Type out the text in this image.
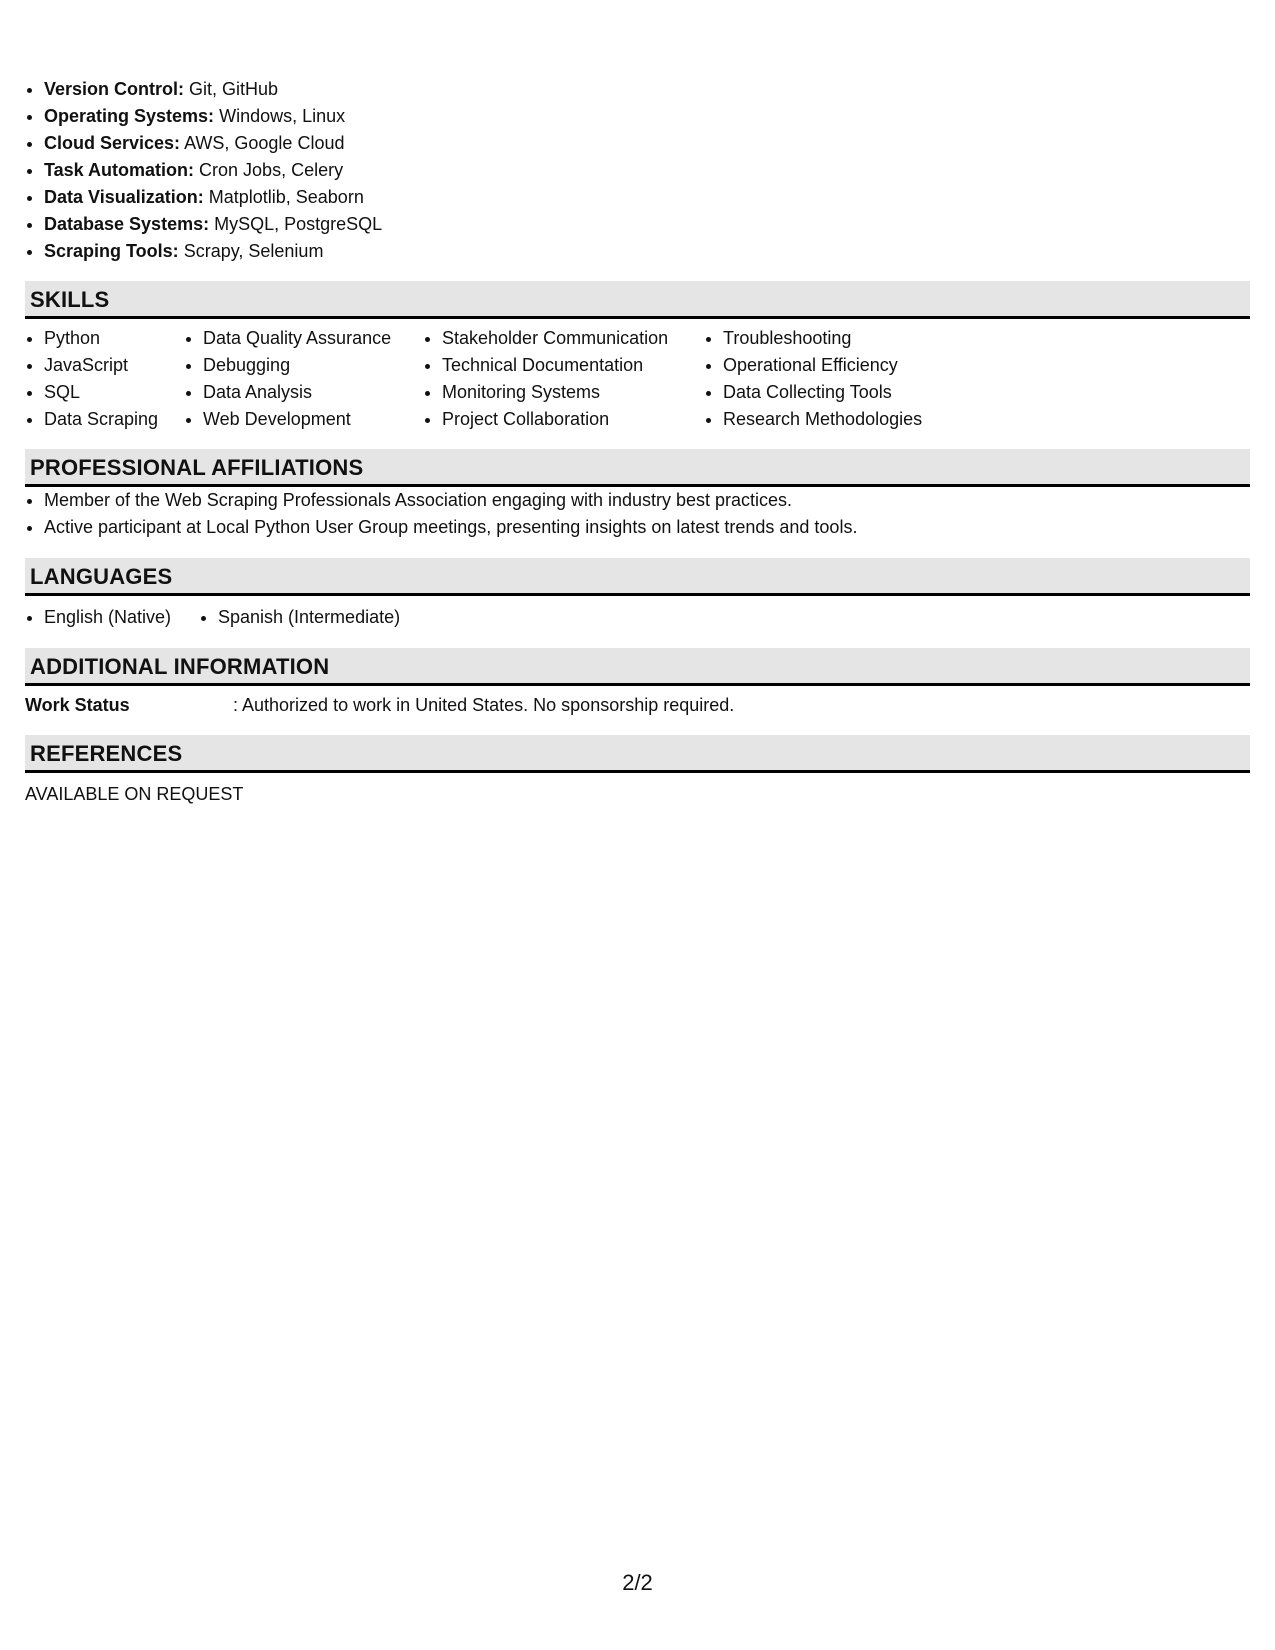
• Version Control: Git, GitHub
• Operating Systems: Windows, Linux
• Cloud Services: AWS, Google Cloud
• Task Automation: Cron Jobs, Celery
• Data Visualization: Matplotlib, Seaborn
• Database Systems: MySQL, PostgreSQL
• Scraping Tools: Scrapy, Selenium
SKILLS
• Python
• JavaScript
• SQL
• Data Scraping
• Data Quality Assurance
• Debugging
• Data Analysis
• Web Development
• Stakeholder Communication
• Technical Documentation
• Monitoring Systems
• Project Collaboration
• Troubleshooting
• Operational Efficiency
• Data Collecting Tools
• Research Methodologies
PROFESSIONAL AFFILIATIONS
• Member of the Web Scraping Professionals Association engaging with industry best practices.
• Active participant at Local Python User Group meetings, presenting insights on latest trends and tools.
LANGUAGES
• English (Native)
•	Spanish (Intermediate)
ADDITIONAL INFORMATION
Work Status	: Authorized to work in United States. No sponsorship required.
REFERENCES
AVAILABLE ON REQUEST
2/2
